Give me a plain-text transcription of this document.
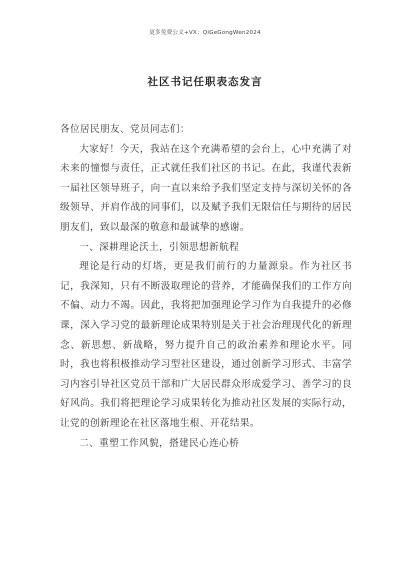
更多免费公文+VX：QiGeGongWen2024
社区书记任职表态发言

各位居民朋友、党员同志们：

大家好！今天，我站在这个充满希望的会台上，心中充满了对未来的憧憬与责任，正式就任我们社区的书记。在此，我谨代表新一届社区领导班子，向一直以来给予我们坚定支持与深切关怀的各级领导、并肩作战的同事们，以及赋予我们无限信任与期待的居民朋友们，致以最深的敬意和最诚挚的感谢。

一、深耕理论沃土，引领思想新航程

理论是行动的灯塔，更是我们前行的力量源泉。作为社区书记，我深知，只有不断汲取理论的营养，才能确保我们的工作方向不偏、动力不竭。因此，我将把加强理论学习作为自我提升的必修课，深入学习党的最新理论成果特别是关于社会治理现代化的新理念、新思想、新战略，努力提升自己的政治素养和理论水平。同时，我也将积极推动学习型社区建设，通过创新学习形式、丰富学习内容引导社区党员干部和广大居民群众形成爱学习、善学习的良好风尚。我们将把理论学习成果转化为推动社区发展的实际行动，让党的创新理论在社区落地生根、开花结果。

二、重塑工作风貌，搭建民心连心桥
